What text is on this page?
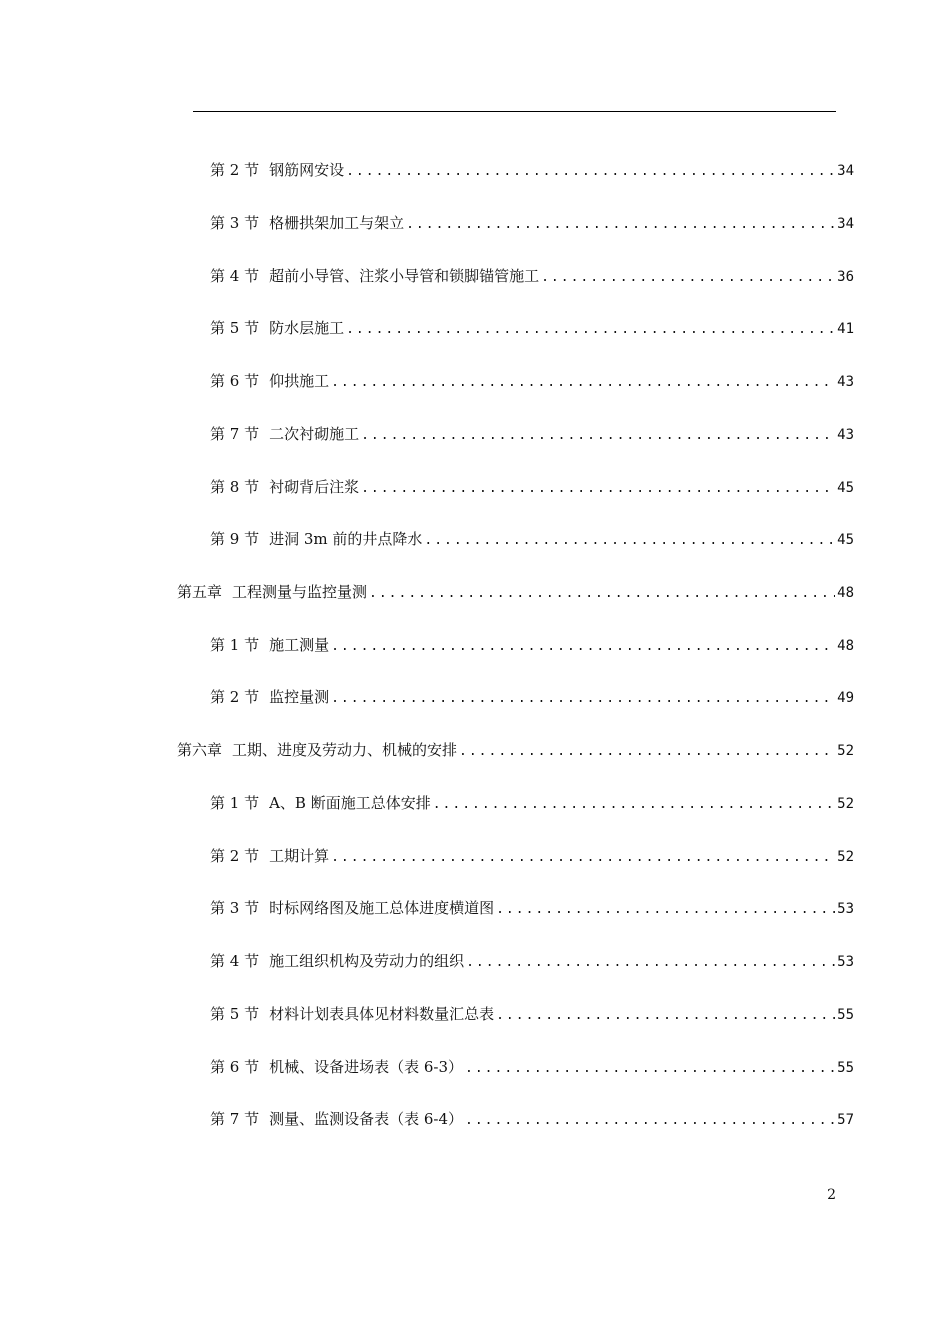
第 2 节 钢筋网安设 .....	34
第 3 节 格栅拱架加工与架立 .....	34
第 4 节 超前小导管、注浆小导管和锁脚锚管施工 .....	36
第 5 节 防水层施工 .....	41
第 6 节 仰拱施工 .....	43
第 7 节 二次衬砌施工 .....	43
第 8 节 衬砌背后注浆 .....	45
第 9 节 进洞 3m 前的井点降水 .....	45
第五章 工程测量与监控量测 .....	48
第 1 节 施工测量 .....	48
第 2 节 监控量测 .....	49
第六章 工期、进度及劳动力、机械的安排 .....	52
第 1 节 A、B 断面施工总体安排 .....	52
第 2 节 工期计算 .....	52
第 3 节 时标网络图及施工总体进度横道图 .....	53
第 4 节 施工组织机构及劳动力的组织 .....	53
第 5 节 材料计划表具体见材料数量汇总表 .....	55
第 6 节 机械、设备进场表（表 6-3） .....	55
第 7 节 测量、监测设备表（表 6-4） .....	57
2
